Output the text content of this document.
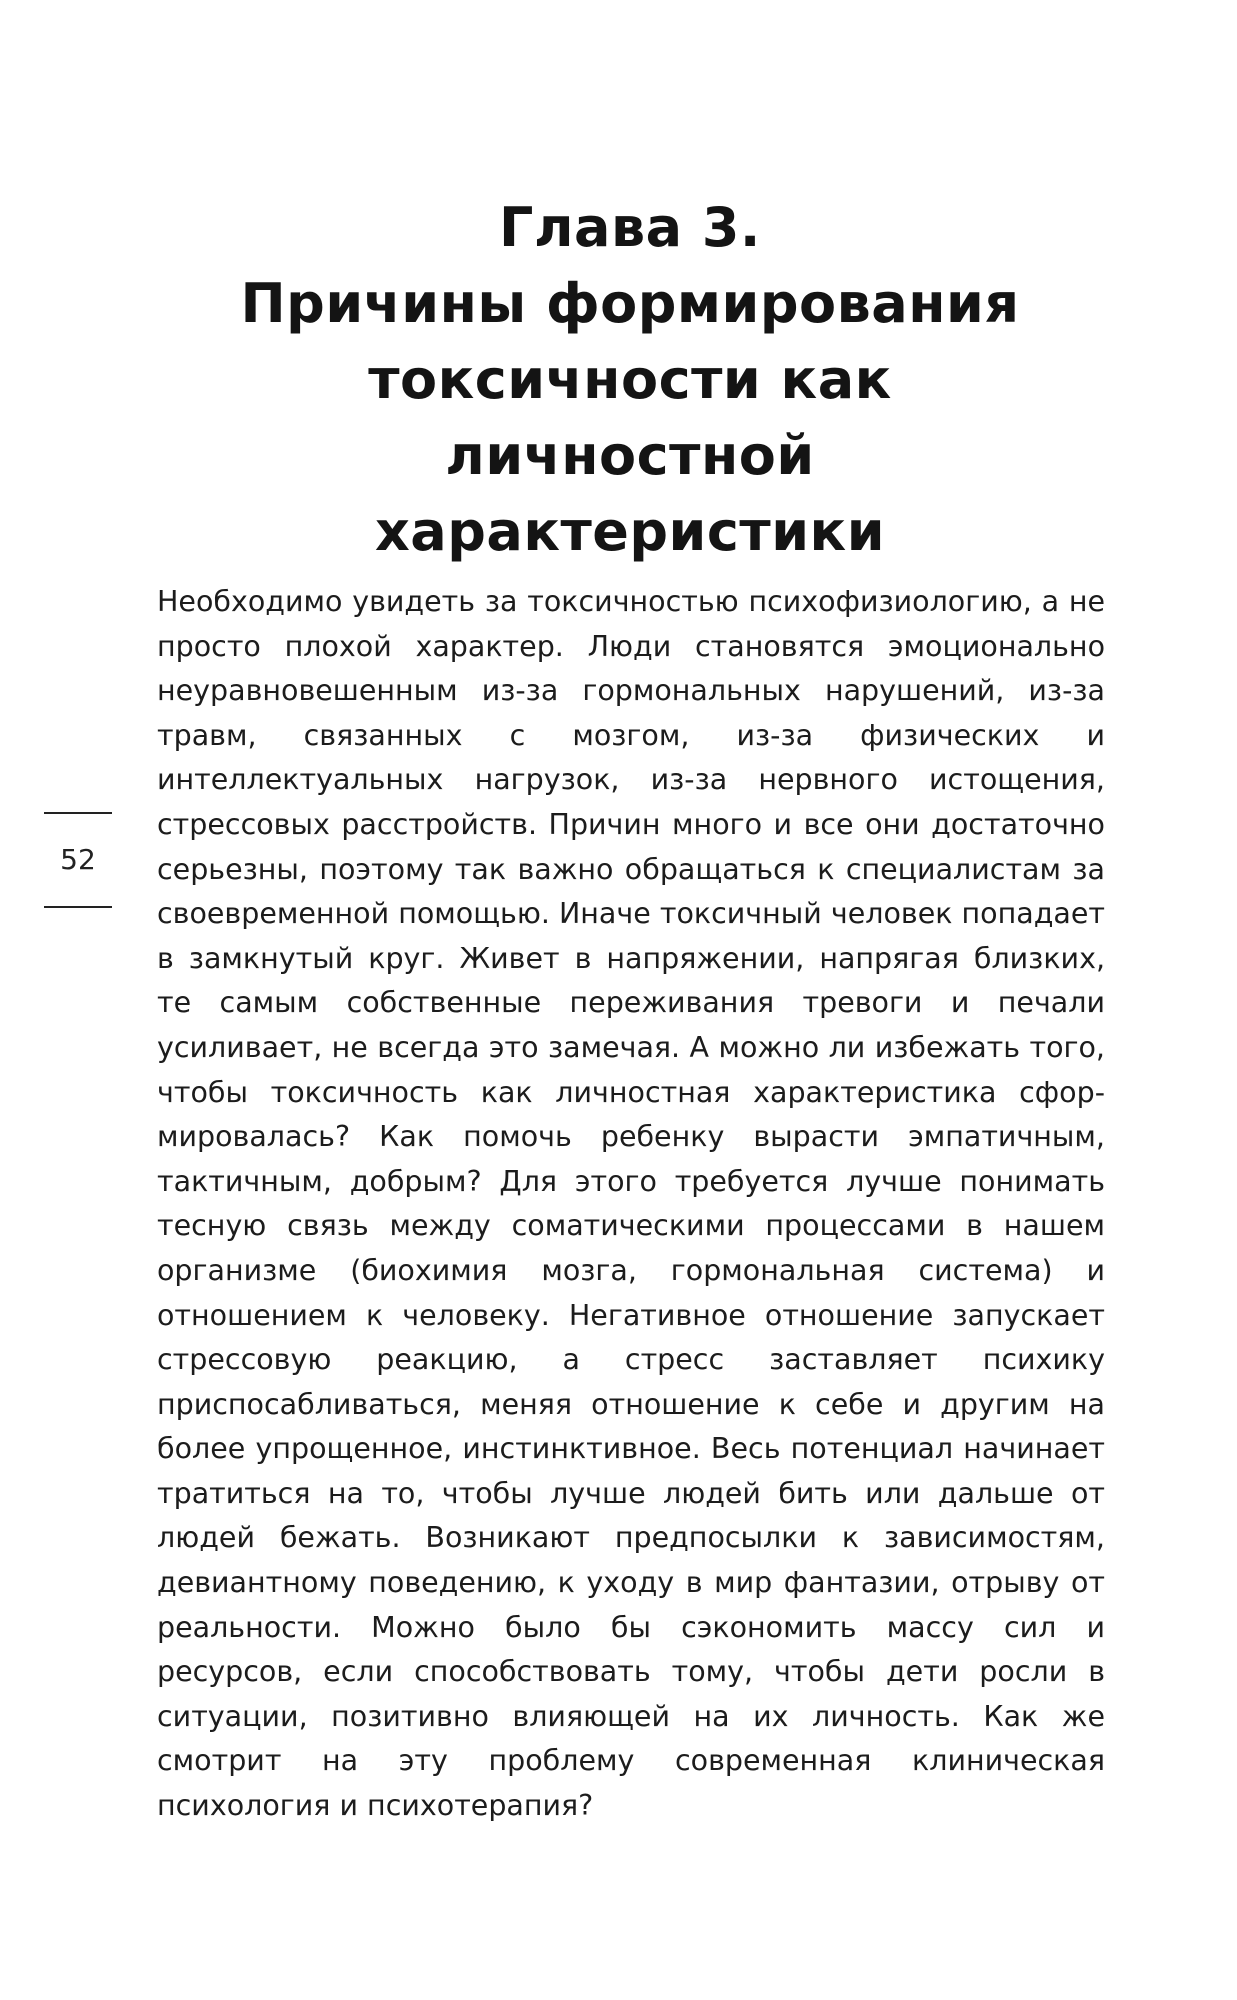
Глава 3.
Причины формирования
токсичности как личностной
характеристики
52

Необходимо увидеть за токсичностью психофизиологию, а не просто плохой характер. Люди становятся эмоционально неуравновешенным из-за гормональных нарушений, из-за травм, связанных с мозгом, из-за физических и интеллектуальных нагрузок, из-за нервного истощения, стрессовых расстройств. Причин много и все они достаточно серьезны, поэтому так важно обращаться к специалистам за своевременной помощью. Иначе токсичный человек попадает в замкнутый круг. Живет в напряжении, напрягая близких, те самым собственные переживания тревоги и печали усиливает, не всегда это замечая. А можно ли избежать того, чтобы токсичность как личностная характеристика сформировалась? Как помочь ребенку вырасти эмпатичным, тактичным, добрым? Для этого требуется лучше понимать тесную связь между соматическими процессами в нашем организме (биохимия мозга, гормональная система) и отношением к человеку. Негативное отношение запускает стрессовую реакцию, а стресс заставляет психику приспосабливаться, меняя отношение к себе и другим на более упрощенное, инстинктивное. Весь потенциал начинает тратиться на то, чтобы лучше людей бить или дальше от людей бежать. Возникают предпосылки к зависимостям, девиантному поведению, к уходу в мир фантазии, отрыву от реальности. Можно было бы сэкономить массу сил и ресурсов, если способствовать тому, чтобы дети росли в ситуации, позитивно влияющей на их личность. Как же смотрит на эту проблему современная клиническая психология и психотерапия?
